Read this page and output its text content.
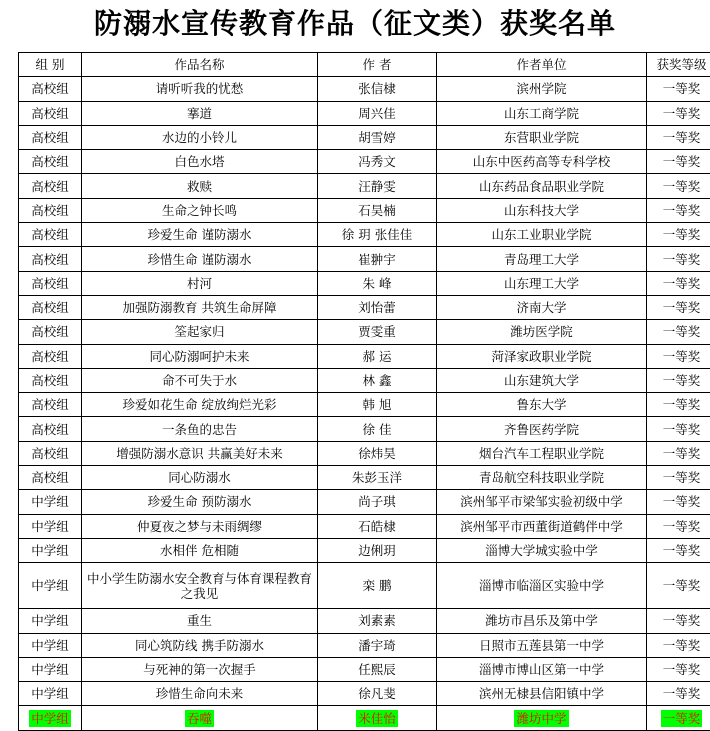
防溺水宣传教育作品（征文类）获奖名单
组 别	作品名称	作 者	作者单位	获奖等级
高校组	请听听我的忧愁	张信棣	滨州学院	一等奖
高校组	搴道	周兴佳	山东工商学院	一等奖
高校组	水边的小铃儿	胡雪婷	东营职业学院	一等奖
高校组	白色水塔	冯秀文	山东中医药高等专科学校	一等奖
高校组	救赎	汪静雯	山东药品食品职业学院	一等奖
高校组	生命之钟长鸣	石昊楠	山东科技大学	一等奖
高校组	珍爱生命 谨防溺水	徐 玥 张佳佳	山东工业职业学院	一等奖
高校组	珍惜生命 谨防溺水	崔翀宇	青岛理工大学	一等奖
高校组	村河	朱 峰	山东理工大学	一等奖
高校组	加强防溺教育 共筑生命屏障	刘怡蕾	济南大学	一等奖
高校组	筌起家归	贾雯重	潍坊医学院	一等奖
高校组	同心防溺呵护未来	郝 运	菏泽家政职业学院	一等奖
高校组	命不可失于水	林 鑫	山东建筑大学	一等奖
高校组	珍爱如花生命 绽放绚烂光彩	韩 旭	鲁东大学	一等奖
高校组	一条鱼的忠告	徐 佳	齐鲁医药学院	一等奖
高校组	增强防溺水意识 共赢美好未来	徐炜昊	烟台汽车工程职业学院	一等奖
高校组	同心防溺水	朱彭玉洋	青岛航空科技职业学院	一等奖
中学组	珍爱生命 预防溺水	尚子琪	滨州邹平市梁邹实验初级中学	一等奖
中学组	仲夏夜之梦与未雨绸缪	石皓棣	滨州邹平市西董街道鹤伴中学	一等奖
中学组	水相伴 危相随	边俐玥	淄博大学城实验中学	一等奖
中学组	中小学生防溺水安全教育与体育课程教育之我见	栾 鹏	淄博市临淄区实验中学	一等奖
中学组	重生	刘素素	潍坊市昌乐及第中学	一等奖
中学组	同心筑防线 携手防溺水	潘宇琦	日照市五莲县第一中学	一等奖
中学组	与死神的第一次握手	任熙辰	淄博市博山区第一中学	一等奖
中学组	珍惜生命向未来	徐凡斐	滨州无棣县信阳镇中学	一等奖
中学组	吞噬	米佳怡	潍坊中学	一等奖
